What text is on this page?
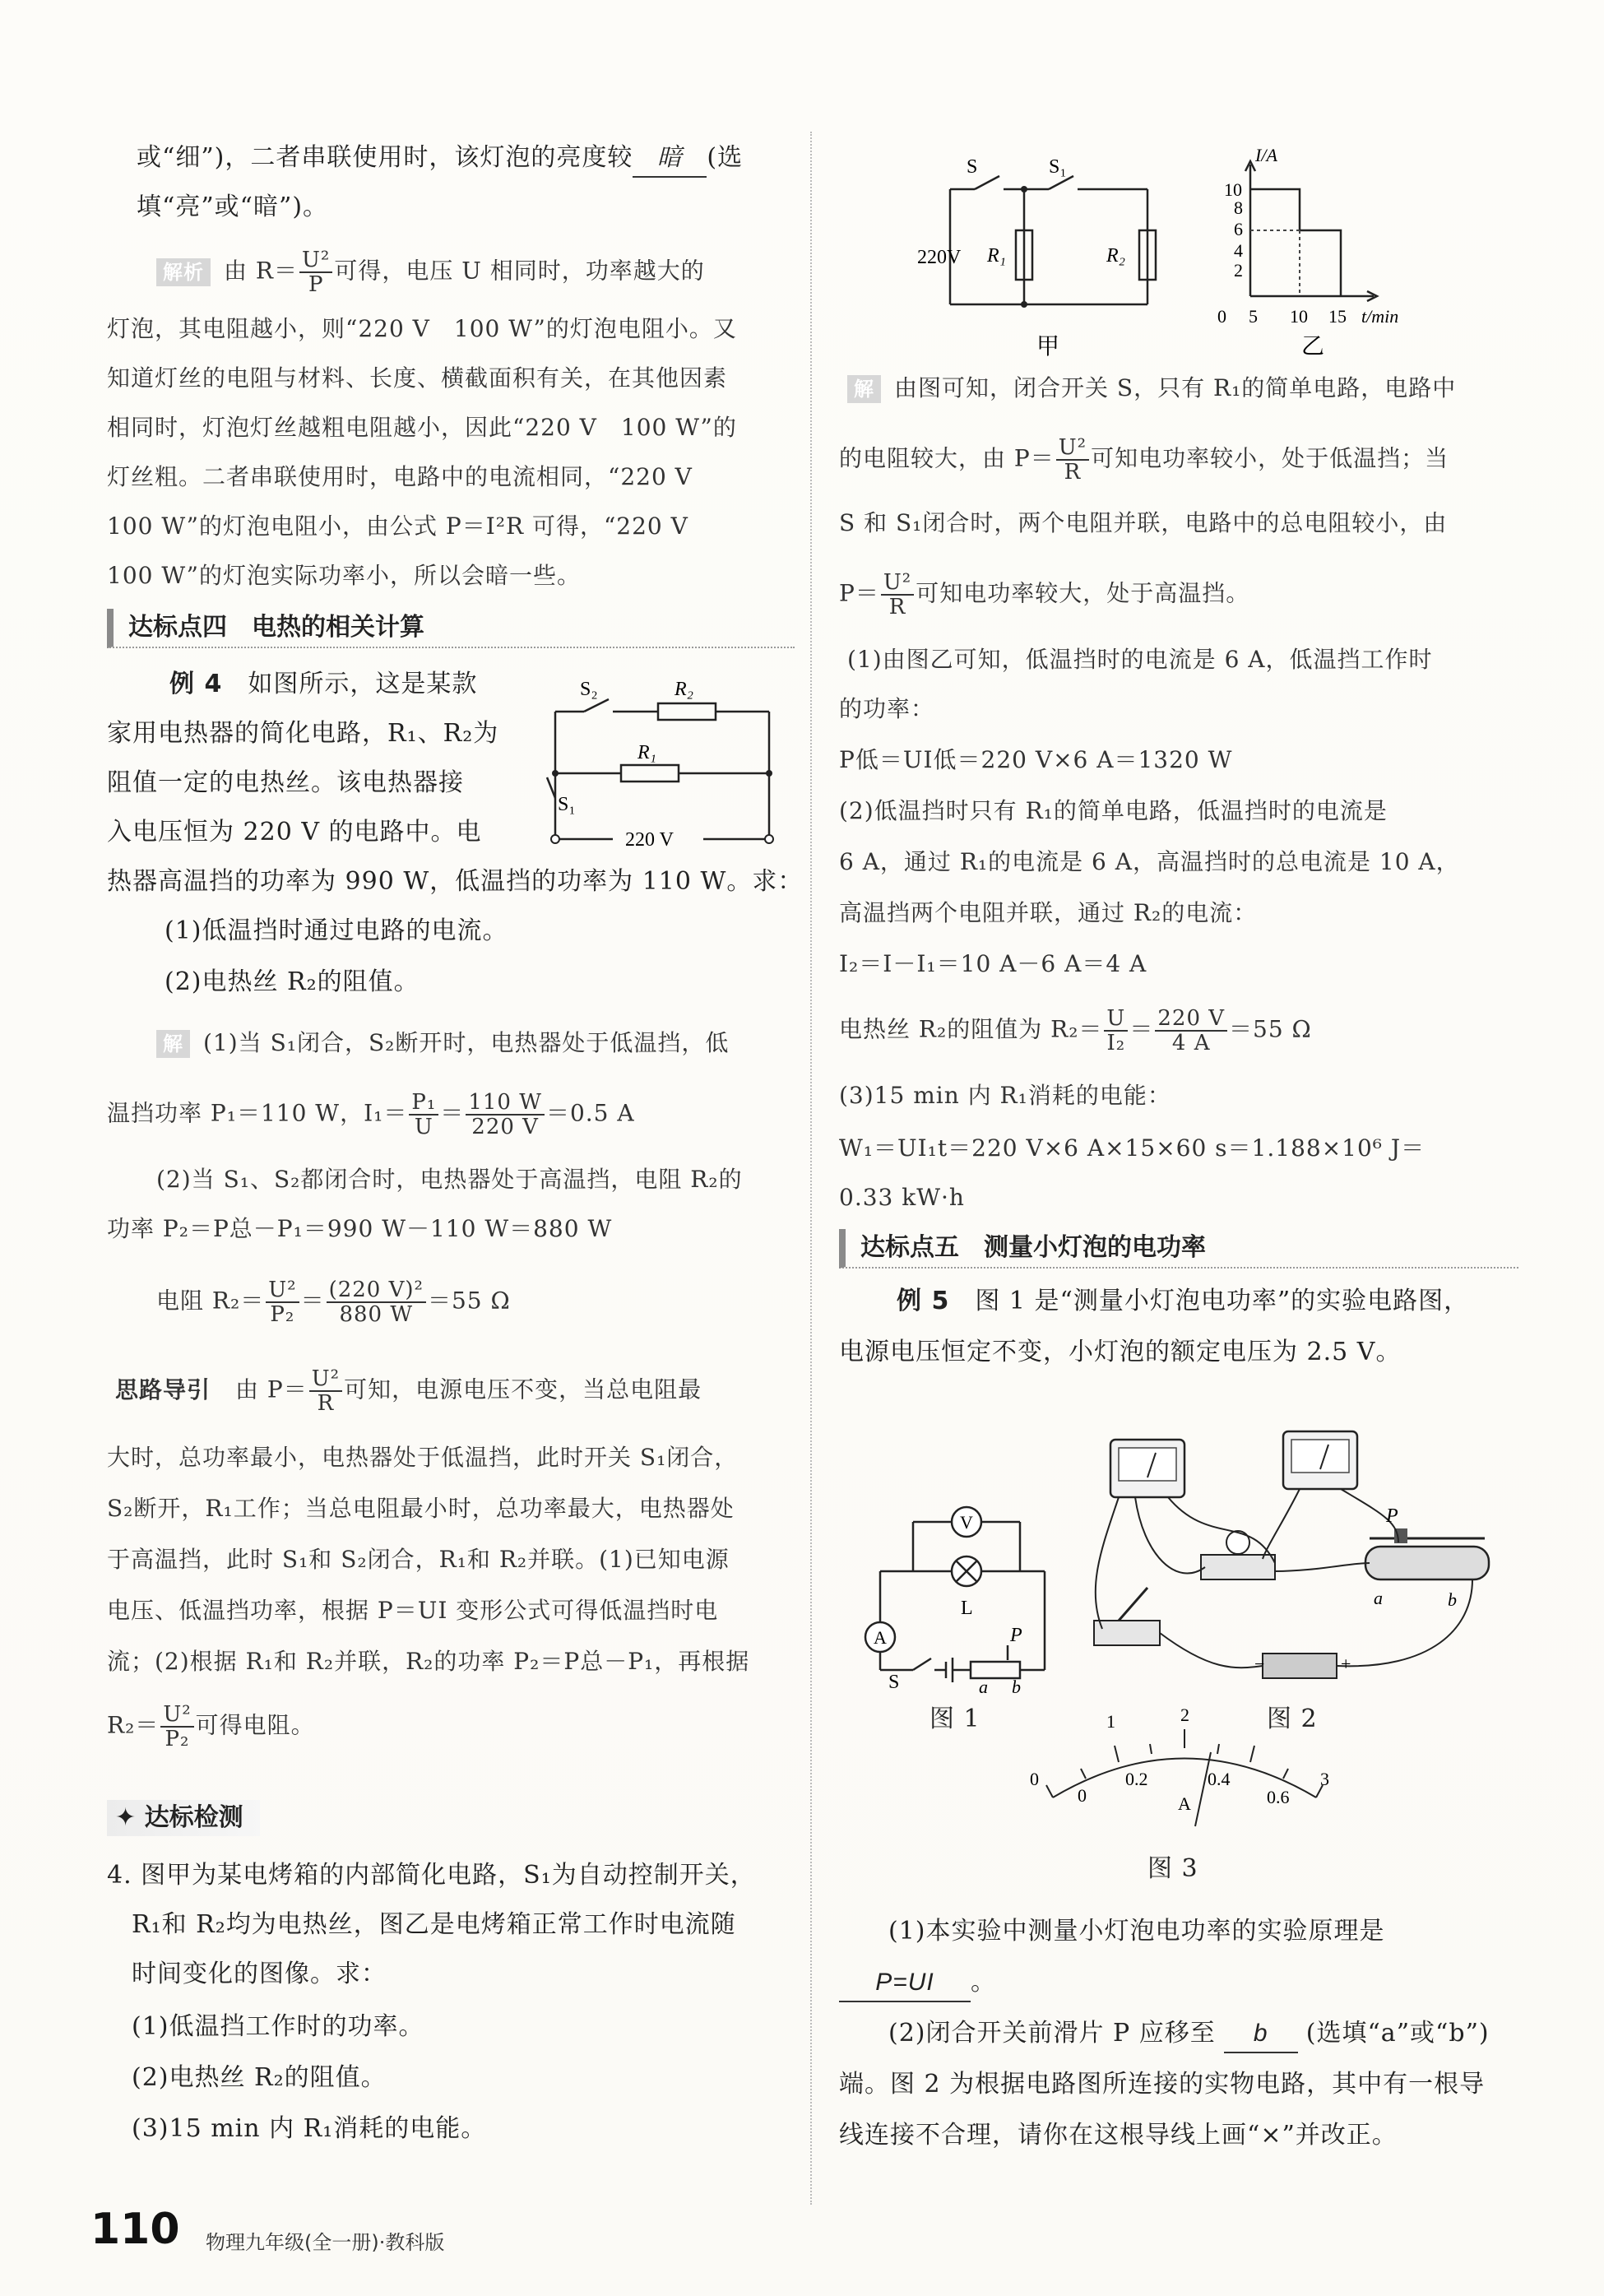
或“细”)，二者串联使用时，该灯泡的亮度较 暗 (选
填“亮”或“暗”)。
解析 由 $R= \frac{\text{U²}}{P}$ 可得，电压 U 相同时，功率越大的
灯泡，其电阻越小，则“220 V　100 W”的灯泡电阻小。又
知道灯丝的电阻与材料、长度、横截面积有关，在其他因素
相同时，灯泡灯丝越粗电阻越小，因此“220 V　100 W”的
灯丝粗。二者串联使用时，电路中的电流相同，“220 V
100 W”的灯泡电阻小，由公式 P＝I²R 可得，“220 V
100 W”的灯泡实际功率小，所以会暗一些。
达标点四　电热的相关计算
例 4　 如图所示，这是某款
家用电热器的简化电路，R₁、R₂为
阻值一定的电热丝。该电热器接
入电压恒为 220 V 的电路中。电
热器高温挡的功率为 990 W，低温挡的功率为 110 W。求：
(1)低温挡时通过电路的电流。
(2)电热丝 R₂的阻值。
S₂	R₂
R₁
S₁
220 V
解 (1)当 S₁闭合，S₂断开时，电热器处于低温挡，低
温挡功率 P₁＝110 W，$I_1= \frac{\text{P₁}}{U} = \frac{110 W}{220 V} =0.5$ A
(2)当 S₁、S₂都闭合时，电热器处于高温挡，电阻 R₂的
功率 P₂＝P总－P₁＝990 W－110 W＝880 W
电阻 $R_2= \frac{\text{U²}}{\text{P₂}} = \frac{\text{(220 V)²}}{880 W} =55$ Ω
思路导引 由 $P= \frac{\text{U²}}{R}$ 可知，电源电压不变，当总电阻最
大时，总功率最小，电热器处于低温挡，此时开关 S₁闭合，
S₂断开，R₁工作；当总电阻最小时，总功率最大，电热器处
于高温挡，此时 S₁和 S₂闭合，R₁和 R₂并联。(1)已知电源
电压、低温挡功率，根据 P＝UI 变形公式可得低温挡时电
流；(2)根据 R₁和 R₂并联，R₂的功率 P₂＝P总－P₁，再根据
$R_2= \frac{\text{U²}}{\text{P₂}}$ 可得电阻。
✦ 达标检测
4. 图甲为某电烤箱的内部简化电路，S₁为自动控制开关，
R₁和 R₂均为电热丝，图乙是电烤箱正常工作时电流随
时间变化的图像。求：
(1)低温挡工作时的功率。
(2)电热丝 R₂的阻值。
(3)15 min 内 R₁消耗的电能。
S	S₁
220V R₁	R₂
甲
I/A
10
8
6
4
2
0 5 10 15 t/min
乙
解 由图可知，闭合开关 S，只有 R₁的简单电路，电路中
的电阻较大，由 $P= \frac{\text{U²}}{R}$ 可知电功率较小，处于低温挡；当
S 和 S₁闭合时，两个电阻并联，电路中的总电阻较小，由
$P= \frac{\text{U²}}{R}$ 可知电功率较大，处于高温挡。
(1)由图乙可知，低温挡时的电流是 6 A，低温挡工作时
的功率：
P低＝UI低＝220 V×6 A＝1320 W
(2)低温挡时只有 R₁的简单电路，低温挡时的电流是
6 A，通过 R₁的电流是 6 A，高温挡时的总电流是 10 A，
高温挡两个电阻并联，通过 R₂的电流：
I₂＝I－I₁＝10 A－6 A＝4 A
电热丝 R₂的阻值为 $R_2= \frac{U}{\text{I₂}} = \frac{220 V}{4 A} =55$ Ω
(3)15 min 内 R₁消耗的电能：
W₁＝UI₁t＝220 V×6 A×15×60 s＝1.188×10⁶ J＝
0.33 kW·h
达标点五　测量小灯泡的电功率
例 5　 图 1 是“测量小灯泡电功率”的实验电路图，
电源电压恒定不变，小灯泡的额定电压为 2.5 V。
V
A
L
P
S	a b
图 1
P
a	b
−	+
图 2
0
1	2
3
0
0.2	0.4
0.6
A
图 3
(1)本实验中测量小灯泡电功率的实验原理是
P=UI 。
(2)闭合开关前滑片 P 应移至 b (选填“a”或“b”)
端。图 2 为根据电路图所连接的实物电路，其中有一根导
线连接不合理，请你在这根导线上画“×”并改正。
110 物理九年级(全一册)·教科版
